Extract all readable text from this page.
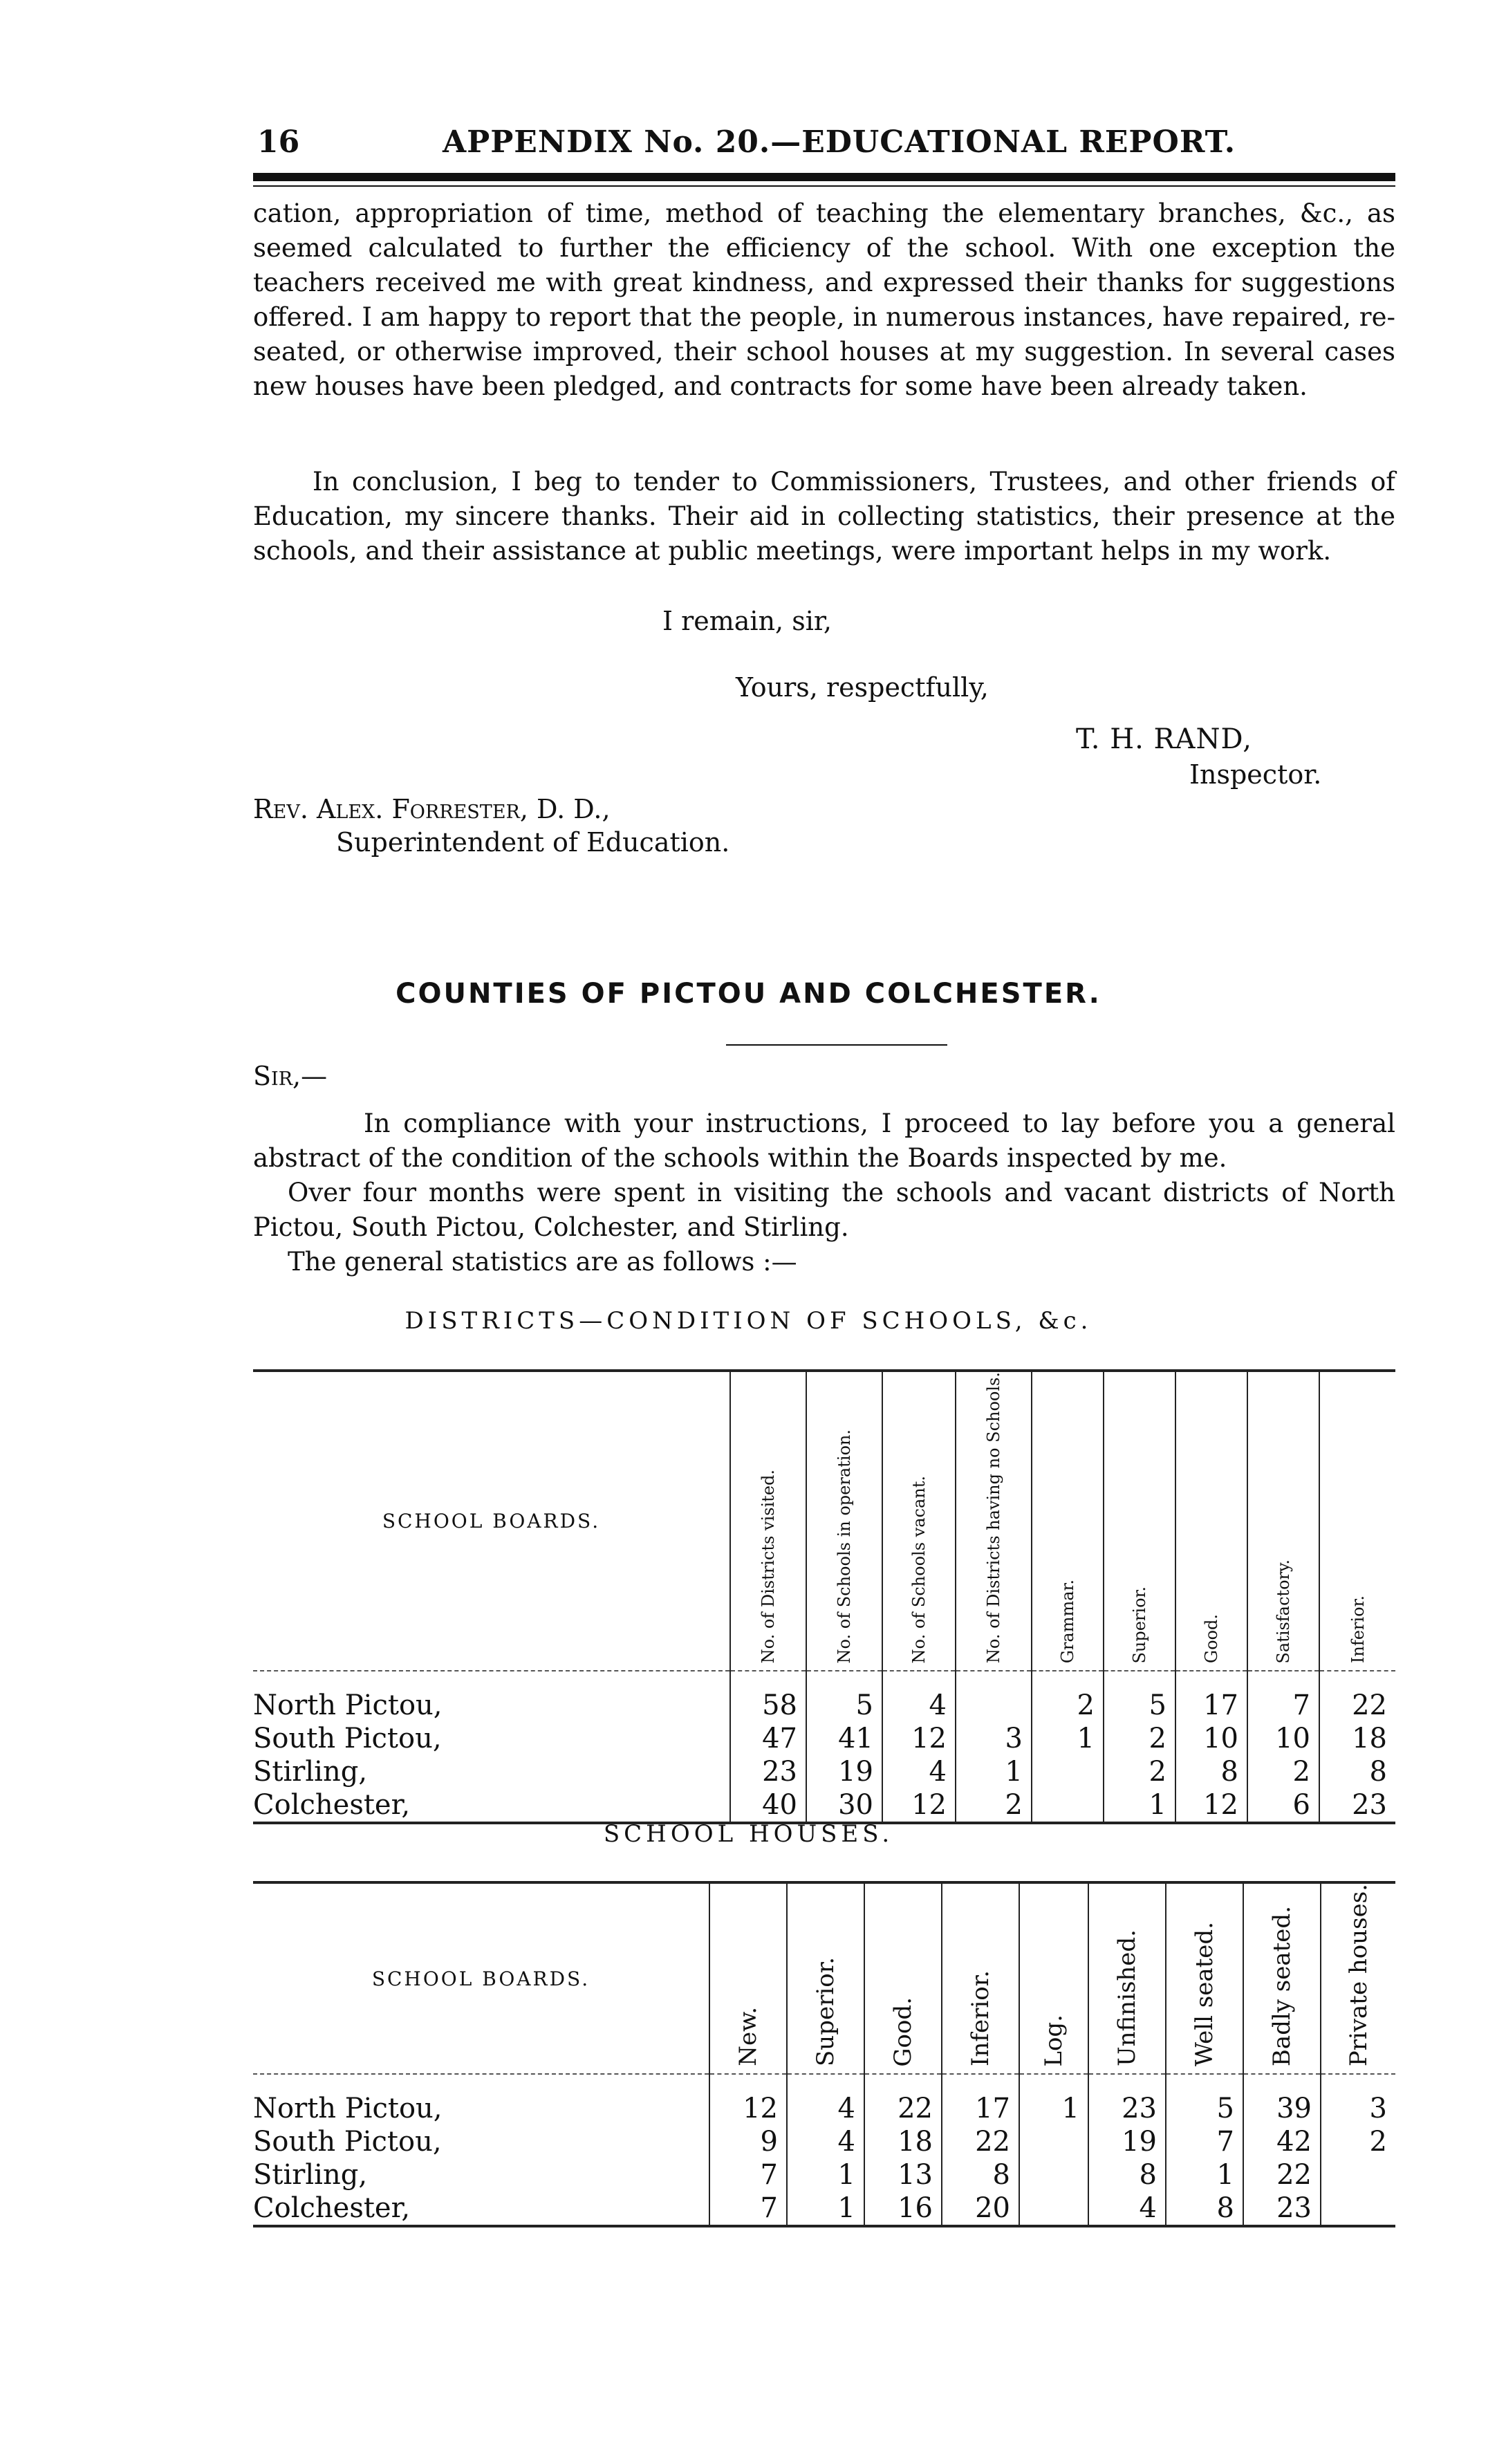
16	APPENDIX No. 20.—EDUCATIONAL REPORT.
cation, appropriation of time, method of teaching the elementary branches, &c., as seemed calculated to further the efficiency of the school. With one exception the teachers received me with great kindness, and expressed their thanks for suggestions offered. I am happy to report that the people, in numerous instances, have repaired, re-seated, or otherwise improved, their school houses at my suggestion. In several cases new houses have been pledged, and contracts for some have been already taken.
In conclusion, I beg to tender to Commissioners, Trustees, and other friends of Education, my sincere thanks. Their aid in collecting statistics, their presence at the schools, and their assistance at public meetings, were important helps in my work.
I remain, sir,
Yours, respectfully,
T. H. RAND,
Inspector.
Rev. Alex. Forrester, D. D.,
Superintendent of Education.
COUNTIES OF PICTOU AND COLCHESTER.
Sir,—
In compliance with your instructions, I proceed to lay before you a general abstract of the condition of the schools within the Boards inspected by me.
Over four months were spent in visiting the schools and vacant districts of North Pictou, South Pictou, Colchester, and Stirling.
The general statistics are as follows :—
DISTRICTS—CONDITION OF SCHOOLS, &c.
SCHOOL BOARDS.	No. of Districts visited.	No. of Schools in operation.	No. of Schools vacant.	No. of Districts having no Schools.	Grammar.	Superior.	Good.	Satisfactory.	Inferior.

North Pictou,	58	5	4		2	5	17	7	22
South Pictou,	47	41	12	3	1	2	10	10	18
Stirling,	23	19	4	1		2	8	2	8
Colchester,	40	30	12	2		1	12	6	23
SCHOOL HOUSES.
SCHOOL BOARDS.	New.	Superior.	Good.	Inferior.	Log.	Unfinished.	Well seated.	Badly seated.	Private houses.

North Pictou,	12	4	22	17	1	23	5	39	3
South Pictou,	9	4	18	22		19	7	42	2
Stirling,	7	1	13	8		8	1	22	
Colchester,	7	1	16	20		4	8	23	
